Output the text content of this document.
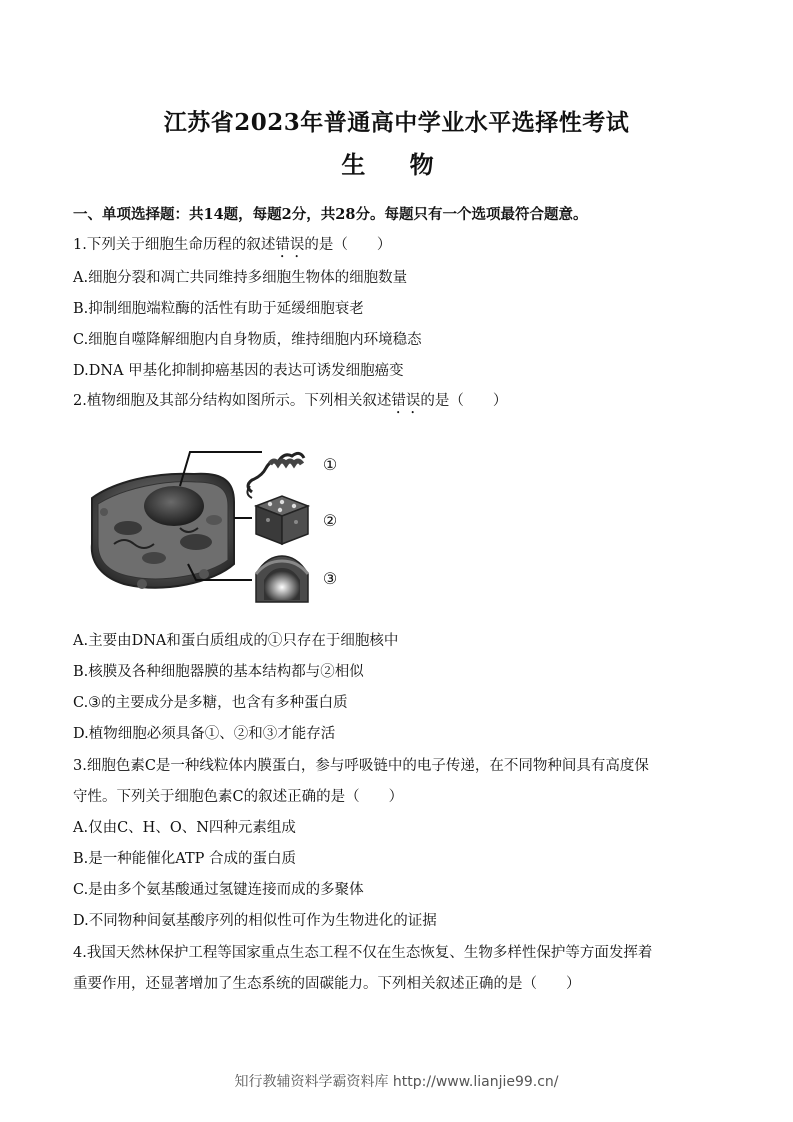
江苏省2023年普通高中学业水平选择性考试
生 物
一、单项选择题：共14题，每题2分，共28分。每题只有一个选项最符合题意。
1.下列关于细胞生命历程的叙述错误的是（　　）
A.细胞分裂和凋亡共同维持多细胞生物体的细胞数量
B.抑制细胞端粒酶的活性有助于延缓细胞衰老
C.细胞自噬降解细胞内自身物质，维持细胞内环境稳态
D.DNA 甲基化抑制抑癌基因的表达可诱发细胞癌变
2.植物细胞及其部分结构如图所示。下列相关叙述错误的是（　　）
①
②
③
A.主要由DNA和蛋白质组成的①只存在于细胞核中
B.核膜及各种细胞器膜的基本结构都与②相似
C.③的主要成分是多糖，也含有多种蛋白质
D.植物细胞必须具备①、②和③才能存活
3.细胞色素C是一种线粒体内膜蛋白，参与呼吸链中的电子传递，在不同物种间具有高度保
守性。下列关于细胞色素C的叙述正确的是（　　）
A.仅由C、H、O、N四种元素组成
B.是一种能催化ATP 合成的蛋白质
C.是由多个氨基酸通过氢键连接而成的多聚体
D.不同物种间氨基酸序列的相似性可作为生物进化的证据
4.我国天然林保护工程等国家重点生态工程不仅在生态恢复、生物多样性保护等方面发挥着
重要作用，还显著增加了生态系统的固碳能力。下列相关叙述正确的是（　　）
知行教辅资料学霸资料库 http://www.lianjie99.cn/
